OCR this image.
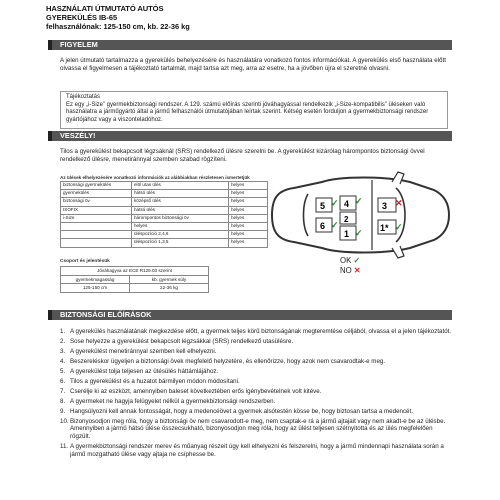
HASZNÁLATI ÚTMUTATÓ AUTÓS
GYEREKÜLÉS IB-65
felhasználónak: 125-150 cm, kb. 22-36 kg
FIGYELEM
A jelen útmutató tartalmazza a gyerekülés behelyezésére és használatára vonatkozó fontos információkat. A gyerekülés első használata előtt olvassa el figyelmesen a tájékoztató tartalmát, majd tartsa azt meg, arra az esetre, ha a jövőben újra el szeretné olvasni.
Tájékoztatás
Ez egy „i-Size” gyermekbiztonsági rendszer. A 129. számú előírás szerinti jóváhagyással rendelkezik „i-Size-kompatibilis” üléseken való használatra a járműgyártó által a jármű felhasználói útmutatójában leírtak szerint. Kétség esetén forduljon a gyermekbiztonsági rendszer gyártójához vagy a viszonteladóhoz.
VESZÉLY!
Tilos a gyerekülést bekapcsolt légzsáknál (SRS) rendelkező ülésre szerelni be. A gyerekülést kizárólag hárompontos biztonsági övvel rendelkező ülésre, menetiránnyal szemben szabad rögzíteni.
Az ülések elhelyezésére vonatkozó információk az alábbiakban részletesen ismertetjük
biztonsági gyermekülés	elöl utas ülés	helyes
gyermekülés	hátsó ülés	helyes
biztonsági öv	középső ülés	helyes
ISOFIX	hátsó ülés	helyes
i-Size	hárompontos biztonsági öv	helyes
	helyes	helyes
	üléspozíció 2,4,6	helyes
	üléspozíció 1,3,5	helyes
5 4
6
1
2
3
1*
✓ ✓
✓
✓
✕
✓
OK ✓
NO ✕
Csoport és jelentésük
Jóváhagyva az ECE R129.03 szerint	
gyermekmagasság	kb. gyermek súly
125-150 cm	22-36 kg
BIZTONSÁGI ELŐÍRÁSOK
1. A gyerekülés használatának megkezdése előtt, a gyermek teljes körű biztonságának megteremtése céljából, olvassa el a jelen tájékoztatót.
2. Sose helyezze a gyerekülést bekapcsolt légzsákkal (SRS) rendelkező utasülésre.
3. A gyerekülést menetiránnyal szemben kell elhelyezni.
4. Beszereléskor ügyeljen a biztonsági övek megfelelő helyzetére, és ellenőrizze, hogy azok nem csavarodtak-e meg.
5. A gyerekülést tolja teljesen az ütésülés háttámlájához.
6. Tilos a gyerekülést és a huzatot bármilyen módon módosítani.
7. Cserélje ki az eszközt, amennyiben baleset következtében erős igénybevételnek volt kitéve.
8. A gyermeket ne hagyja felügyelet nélkül a gyermekbiztonsági rendszerben.
9. Hangsúlyozni kell annak fontosságát, hogy a medencéövet a gyermek alsótestén kösse be, hogy biztosan tartsa a medencét.
10. Bizonyosodjon meg róla, hogy a biztonsági öv nem csavarodott-e meg, nem csaptak-e rá a jármű ajtajait vagy nem akadt-e be az ülésbe. Amennyiben a jármű hátsó ülése összecsukható, bizonyosodjon meg róla, hogy az ülést teljesen szétnyitotta és az ülés megfelelően rögzült.
11. A gyermekbiztonsági rendszer merev és műanyag részeit úgy kell elhelyezni és felszerelni, hogy a jármű mindennapi használata során a jármű mozgatható ülése vagy ajtaja ne csíphesse be.
